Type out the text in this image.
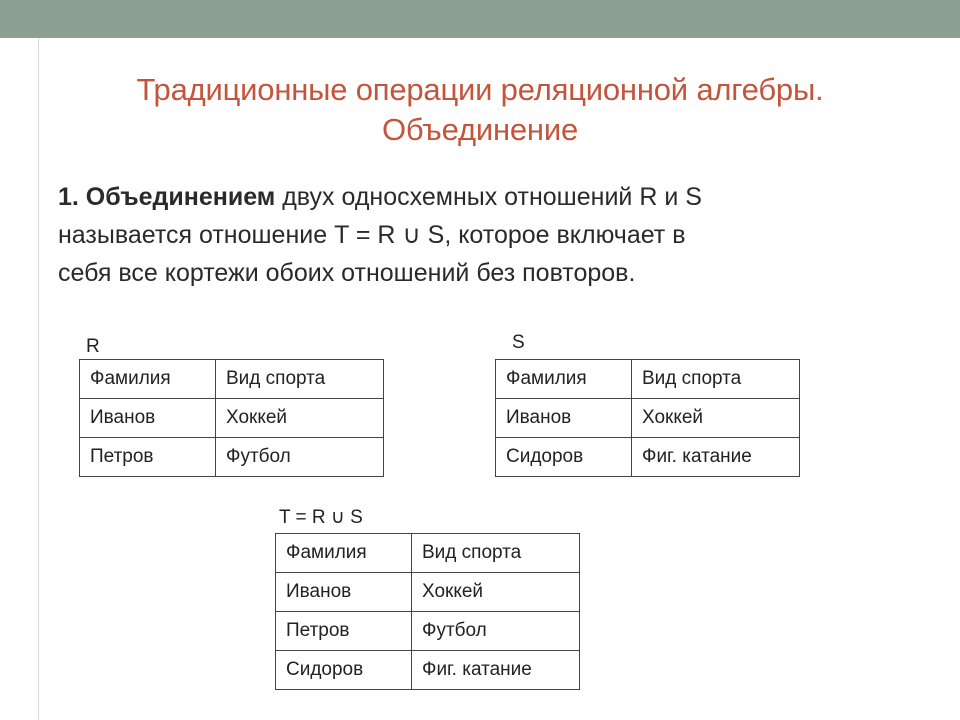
Традиционные операции реляционной алгебры.
Объединение
1. Объединением двух односхемных отношений R и S
называется отношение T = R ∪ S, которое включает в
себя все кортежи обоих отношений без повторов.
R
Фамилия	Вид спорта
Иванов	Хоккей
Петров	Футбол
S
Фамилия	Вид спорта
Иванов	Хоккей
Сидоров	Фиг. катание
T = R ∪ S
Фамилия	Вид спорта
Иванов	Хоккей
Петров	Футбол
Сидоров	Фиг. катание
